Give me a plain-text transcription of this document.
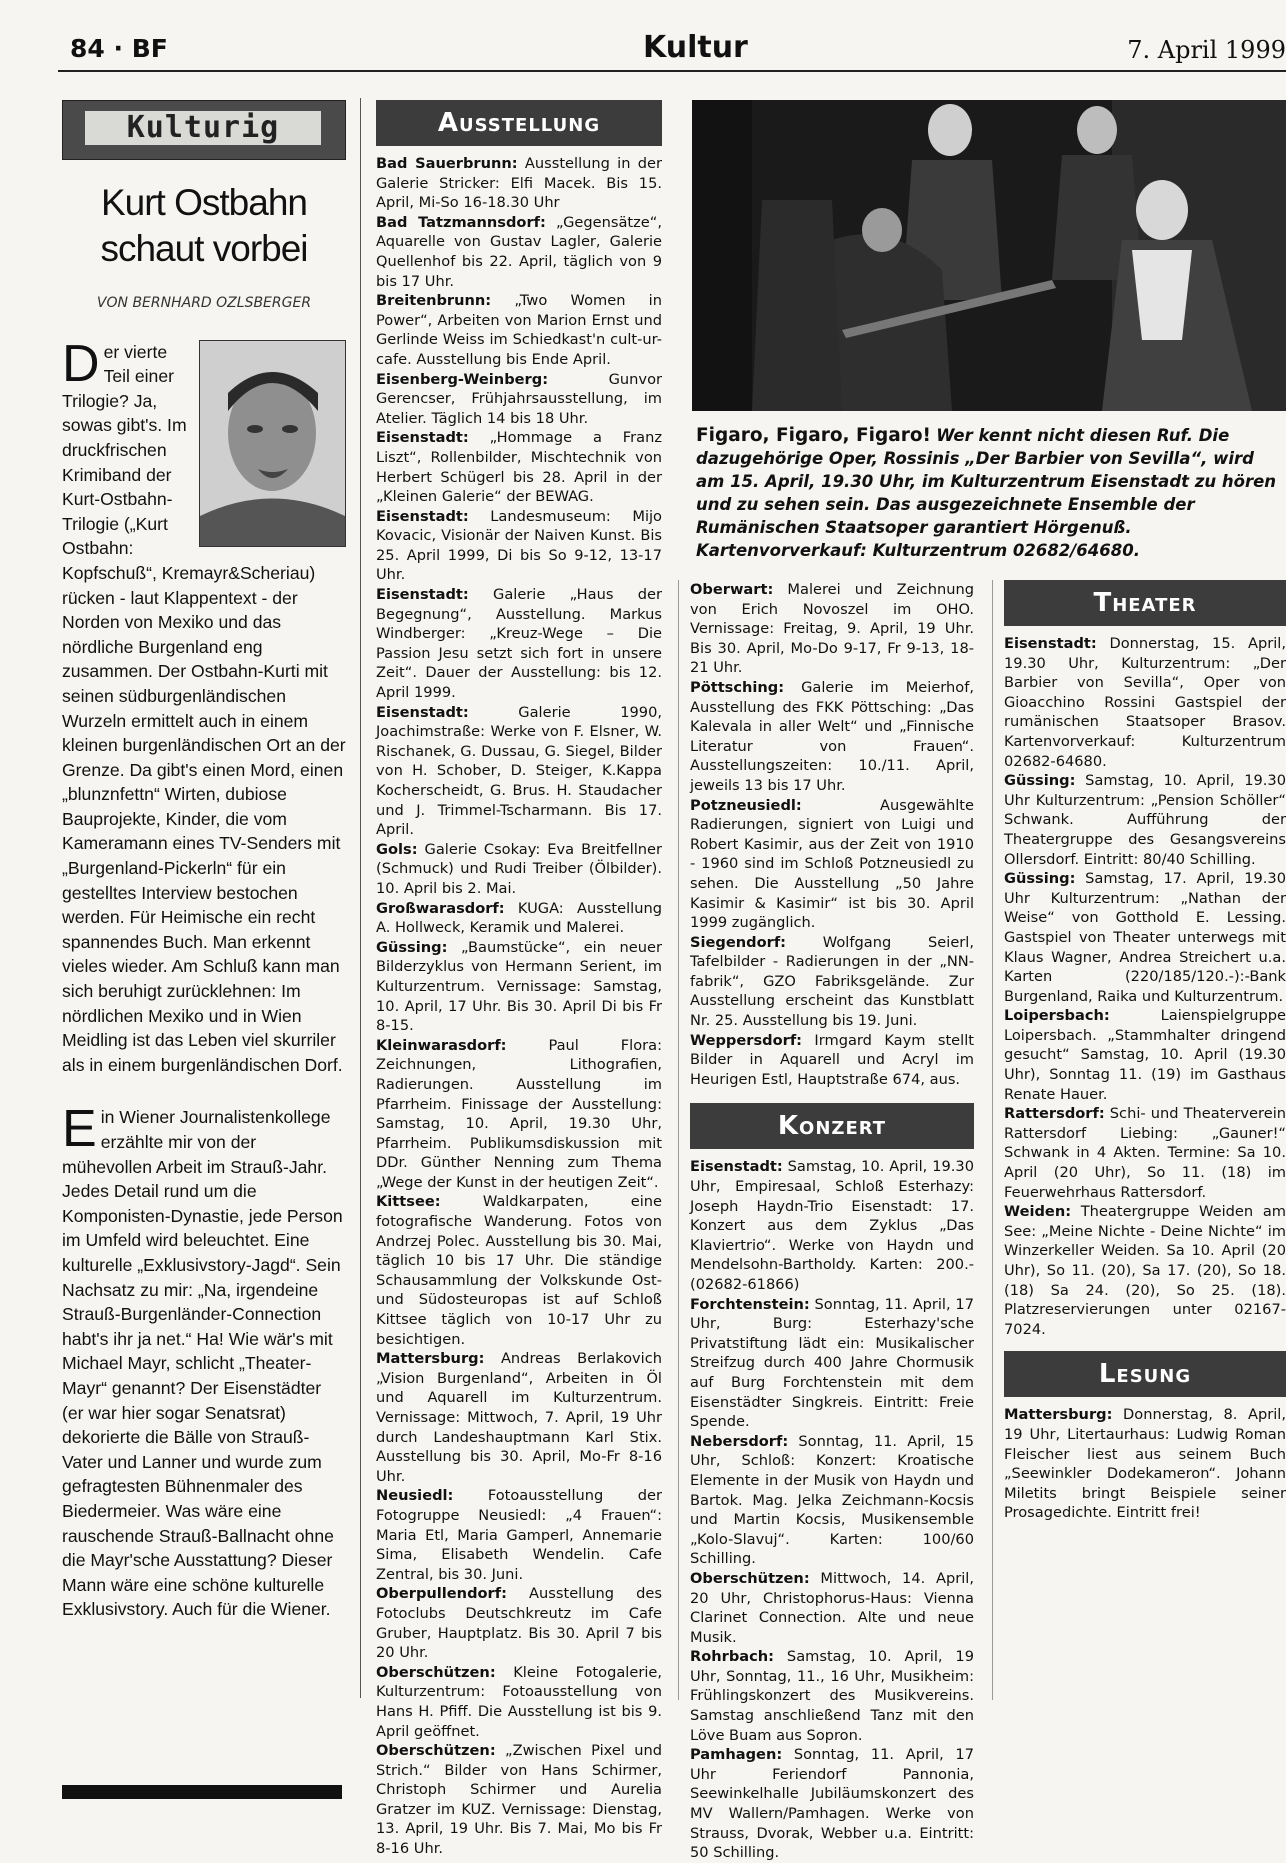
84 · BF	Kultur	7. April 1999
Kulturig
Kurt Ostbahn schaut vorbei
VON BERNHARD OZLSBERGER

Der vierte Teil einer Trilogie? Ja, sowas gibt's. Im druckfrischen Krimiband der Kurt-Ostbahn-Trilogie („Kurt Ostbahn: Kopfschuß“, Kremayr&Scheriau) rücken - laut Klappentext - der Norden von Mexiko und das nördliche Burgenland eng zusammen. Der Ostbahn-Kurti mit seinen südburgenländischen Wurzeln ermittelt auch in einem kleinen burgenländischen Ort an der Grenze. Da gibt's einen Mord, einen „blunznfettn“ Wirten, dubiose Bauprojekte, Kinder, die vom Kameramann eines TV-Senders mit „Burgenland-Pickerln“ für ein gestelltes Interview bestochen werden. Für Heimische ein recht spannendes Buch. Man erkennt vieles wieder. Am Schluß kann man sich beruhigt zurücklehnen: Im nördlichen Mexiko und in Wien Meidling ist das Leben viel skurriler als in einem burgenländischen Dorf.

Ein Wiener Journalistenkollege erzählte mir von der mühevollen Arbeit im Strauß-Jahr. Jedes Detail rund um die Komponisten-Dynastie, jede Person im Umfeld wird beleuchtet. Eine kulturelle „Exklusivstory-Jagd“. Sein Nachsatz zu mir: „Na, irgendeine Strauß-Burgenländer-Connection habt's ihr ja net.“ Ha! Wie wär's mit Michael Mayr, schlicht „Theater-Mayr“ genannt? Der Eisenstädter (er war hier sogar Senatsrat) dekorierte die Bälle von Strauß-Vater und Lanner und wurde zum gefragtesten Bühnenmaler des Biedermeier. Was wäre eine rauschende Strauß-Ballnacht ohne die Mayr'sche Ausstattung? Dieser Mann wäre eine schöne kulturelle Exklusivstory. Auch für die Wiener.

Ausstellung

Bad Sauerbrunn: Ausstellung in der Galerie Stricker: Elfi Macek. Bis 15. April, Mi-So 16-18.30 Uhr

Bad Tatzmannsdorf: „Gegensätze“, Aquarelle von Gustav Lagler, Galerie Quellenhof bis 22. April, täglich von 9 bis 17 Uhr.

Breitenbrunn: „Two Women in Power“, Arbeiten von Marion Ernst und Gerlinde Weiss im Schiedkast'n cult-ur-cafe. Ausstellung bis Ende April.

Eisenberg-Weinberg: Gunvor Gerencser, Frühjahrsausstellung, im Atelier. Täglich 14 bis 18 Uhr.

Eisenstadt: „Hommage a Franz Liszt“, Rollenbilder, Mischtechnik von Herbert Schügerl bis 28. April in der „Kleinen Galerie“ der BEWAG.

Eisenstadt: Landesmuseum: Mijo Kovacic, Visionär der Naiven Kunst. Bis 25. April 1999, Di bis So 9-12, 13-17 Uhr.

Eisenstadt: Galerie „Haus der Begegnung“, Ausstellung. Markus Windberger: „Kreuz-Wege – Die Passion Jesu setzt sich fort in unsere Zeit“. Dauer der Ausstellung: bis 12. April 1999.

Eisenstadt: Galerie 1990, Joachimstraße: Werke von F. Elsner, W. Rischanek, G. Dussau, G. Siegel, Bilder von H. Schober, D. Steiger, K.Kappa Kocherscheidt, G. Brus. H. Staudacher und J. Trimmel-Tscharmann. Bis 17. April.

Gols: Galerie Csokay: Eva Breitfellner (Schmuck) und Rudi Treiber (Ölbilder). 10. April bis 2. Mai.

Großwarasdorf: KUGA: Ausstellung A. Hollweck, Keramik und Malerei.

Güssing: „Baumstücke“, ein neuer Bilderzyklus von Hermann Serient, im Kulturzentrum. Vernissage: Samstag, 10. April, 17 Uhr. Bis 30. April Di bis Fr 8-15.

Kleinwarasdorf: Paul Flora: Zeichnungen, Lithografien, Radierungen. Ausstellung im Pfarrheim. Finissage der Ausstellung: Samstag, 10. April, 19.30 Uhr, Pfarrheim. Publikumsdiskussion mit DDr. Günther Nenning zum Thema „Wege der Kunst in der heutigen Zeit“.

Kittsee: Waldkarpaten, eine fotografische Wanderung. Fotos von Andrzej Polec. Ausstellung bis 30. Mai, täglich 10 bis 17 Uhr. Die ständige Schausammlung der Volkskunde Ost- und Südosteuropas ist auf Schloß Kittsee täglich von 10-17 Uhr zu besichtigen.

Mattersburg: Andreas Berlakovich „Vision Burgenland“, Arbeiten in Öl und Aquarell im Kulturzentrum. Vernissage: Mittwoch, 7. April, 19 Uhr durch Landeshauptmann Karl Stix. Ausstellung bis 30. April, Mo-Fr 8-16 Uhr.

Neusiedl: Fotoausstellung der Fotogruppe Neusiedl: „4 Frauen“: Maria Etl, Maria Gamperl, Annemarie Sima, Elisabeth Wendelin. Cafe Zentral, bis 30. Juni.

Oberpullendorf: Ausstellung des Fotoclubs Deutschkreutz im Cafe Gruber, Hauptplatz. Bis 30. April 7 bis 20 Uhr.

Oberschützen: Kleine Fotogalerie, Kulturzentrum: Fotoausstellung von Hans H. Pfiff. Die Ausstellung ist bis 9. April geöffnet.

Oberschützen: „Zwischen Pixel und Strich.“ Bilder von Hans Schirmer, Christoph Schirmer und Aurelia Gratzer im KUZ. Vernissage: Dienstag, 13. April, 19 Uhr. Bis 7. Mai, Mo bis Fr 8-16 Uhr.

Figaro, Figaro, Figaro! Wer kennt nicht diesen Ruf. Die dazugehörige Oper, Rossinis „Der Barbier von Sevilla“, wird am 15. April, 19.30 Uhr, im Kulturzentrum Eisenstadt zu hören und zu sehen sein. Das ausgezeichnete Ensemble der Rumänischen Staatsoper garantiert Hörgenuß. Kartenvorverkauf: Kulturzentrum 02682/64680.

Oberwart: Malerei und Zeichnung von Erich Novoszel im OHO. Vernissage: Freitag, 9. April, 19 Uhr. Bis 30. April, Mo-Do 9-17, Fr 9-13, 18-21 Uhr.

Pöttsching: Galerie im Meierhof, Ausstellung des FKK Pöttsching: „Das Kalevala in aller Welt“ und „Finnische Literatur von Frauen“. Ausstellungszeiten: 10./11. April, jeweils 13 bis 17 Uhr.

Potzneusiedl: Ausgewählte Radierungen, signiert von Luigi und Robert Kasimir, aus der Zeit von 1910 - 1960 sind im Schloß Potzneusiedl zu sehen. Die Ausstellung „50 Jahre Kasimir & Kasimir“ ist bis 30. April 1999 zugänglich.

Siegendorf: Wolfgang Seierl, Tafelbilder - Radierungen in der „NN-fabrik“, GZO Fabriksgelände. Zur Ausstellung erscheint das Kunstblatt Nr. 25. Ausstellung bis 19. Juni.

Weppersdorf: Irmgard Kaym stellt Bilder in Aquarell und Acryl im Heurigen Estl, Hauptstraße 674, aus.

Konzert

Eisenstadt: Samstag, 10. April, 19.30 Uhr, Empiresaal, Schloß Esterhazy: Joseph Haydn-Trio Eisenstadt: 17. Konzert aus dem Zyklus „Das Klaviertrio“. Werke von Haydn und Mendelsohn-Bartholdy. Karten: 200.- (02682-61866)

Forchtenstein: Sonntag, 11. April, 17 Uhr, Burg: Esterhazy'sche Privatstiftung lädt ein: Musikalischer Streifzug durch 400 Jahre Chormusik auf Burg Forchtenstein mit dem Eisenstädter Singkreis. Eintritt: Freie Spende.

Nebersdorf: Sonntag, 11. April, 15 Uhr, Schloß: Konzert: Kroatische Elemente in der Musik von Haydn und Bartok. Mag. Jelka Zeichmann-Kocsis und Martin Kocsis, Musikensemble „Kolo-Slavuj“. Karten: 100/60 Schilling.

Oberschützen: Mittwoch, 14. April, 20 Uhr, Christophorus-Haus: Vienna Clarinet Connection. Alte und neue Musik.

Rohrbach: Samstag, 10. April, 19 Uhr, Sonntag, 11., 16 Uhr, Musikheim: Frühlingskonzert des Musikvereins. Samstag anschließend Tanz mit den Löve Buam aus Sopron.

Pamhagen: Sonntag, 11. April, 17 Uhr Feriendorf Pannonia, Seewinkelhalle Jubiläumskonzert des MV Wallern/Pamhagen. Werke von Strauss, Dvorak, Webber u.a. Eintritt: 50 Schilling.

Theater

Eisenstadt: Donnerstag, 15. April, 19.30 Uhr, Kulturzentrum: „Der Barbier von Sevilla“, Oper von Gioacchino Rossini Gastspiel der rumänischen Staatsoper Brasov. Kartenvorverkauf: Kulturzentrum 02682-64680.

Güssing: Samstag, 10. April, 19.30 Uhr Kulturzentrum: „Pension Schöller“ Schwank. Aufführung der Theatergruppe des Gesangsvereins Ollersdorf. Eintritt: 80/40 Schilling.

Güssing: Samstag, 17. April, 19.30 Uhr Kulturzentrum: „Nathan der Weise“ von Gotthold E. Lessing. Gastspiel von Theater unterwegs mit Klaus Wagner, Andrea Streichert u.a. Karten (220/185/120.-):-Bank Burgenland, Raika und Kulturzentrum.

Loipersbach: Laienspielgruppe Loipersbach. „Stammhalter dringend gesucht“ Samstag, 10. April (19.30 Uhr), Sonntag 11. (19) im Gasthaus Renate Hauer.

Rattersdorf: Schi- und Theaterverein Rattersdorf Liebing: „Gauner!“ Schwank in 4 Akten. Termine: Sa 10. April (20 Uhr), So 11. (18) im Feuerwehrhaus Rattersdorf.

Weiden: Theatergruppe Weiden am See: „Meine Nichte - Deine Nichte“ im Winzerkeller Weiden. Sa 10. April (20 Uhr), So 11. (20), Sa 17. (20), So 18. (18) Sa 24. (20), So 25. (18). Platzreservierungen unter 02167-7024.

Lesung

Mattersburg: Donnerstag, 8. April, 19 Uhr, Litertaurhaus: Ludwig Roman Fleischer liest aus seinem Buch „Seewinkler Dodekameron“. Johann Miletits bringt Beispiele seiner Prosagedichte. Eintritt frei!
